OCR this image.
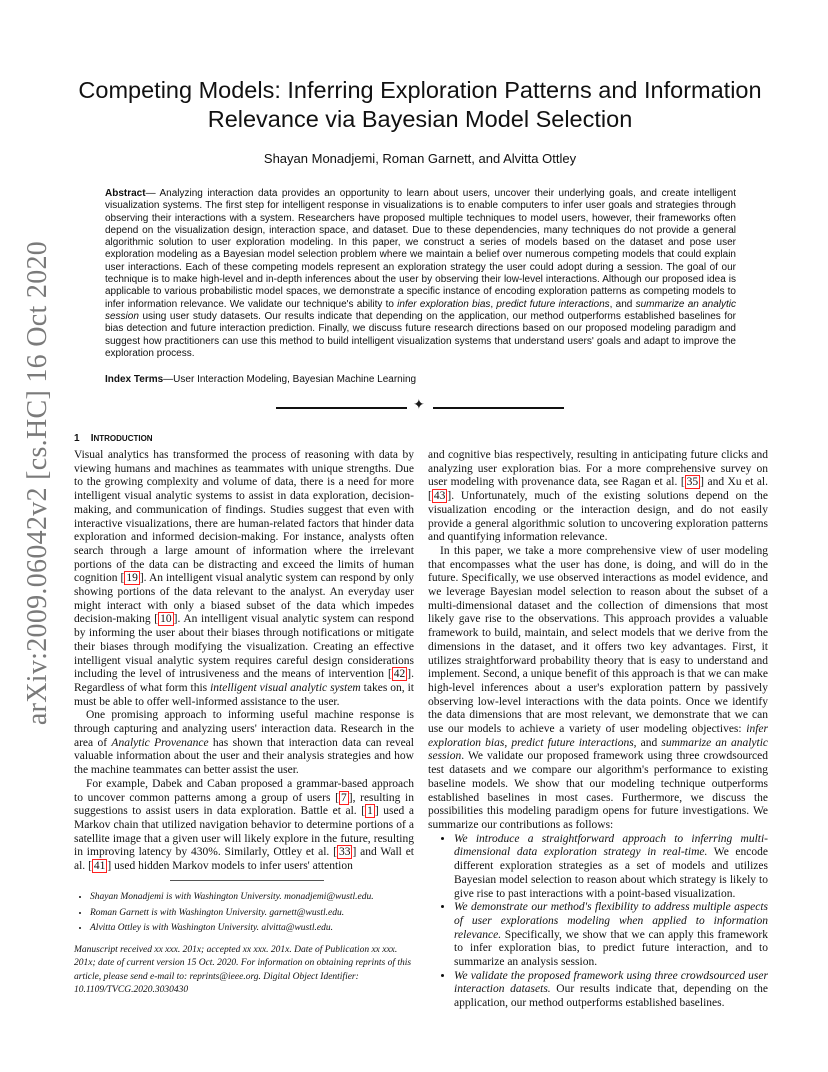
arXiv:2009.06042v2 [cs.HC] 16 Oct 2020
Competing Models: Inferring Exploration Patterns and Information
Relevance via Bayesian Model Selection
Shayan Monadjemi, Roman Garnett, and Alvitta Ottley
Abstract— Analyzing interaction data provides an opportunity to learn about users, uncover their underlying goals, and create intelligent visualization systems. The first step for intelligent response in visualizations is to enable computers to infer user goals and strategies through observing their interactions with a system. Researchers have proposed multiple techniques to model users, however, their frameworks often depend on the visualization design, interaction space, and dataset. Due to these dependencies, many techniques do not provide a general algorithmic solution to user exploration modeling. In this paper, we construct a series of models based on the dataset and pose user exploration modeling as a Bayesian model selection problem where we maintain a belief over numerous competing models that could explain user interactions. Each of these competing models represent an exploration strategy the user could adopt during a session. The goal of our technique is to make high-level and in-depth inferences about the user by observing their low-level interactions. Although our proposed idea is applicable to various probabilistic model spaces, we demonstrate a specific instance of encoding exploration patterns as competing models to infer information relevance. We validate our technique's ability to infer exploration bias, predict future interactions, and summarize an analytic session using user study datasets. Our results indicate that depending on the application, our method outperforms established baselines for bias detection and future interaction prediction. Finally, we discuss future research directions based on our proposed modeling paradigm and suggest how practitioners can use this method to build intelligent visualization systems that understand users' goals and adapt to improve the exploration process.
Index Terms—User Interaction Modeling, Bayesian Machine Learning
✦
1 INTRODUCTION

Visual analytics has transformed the process of reasoning with data by viewing humans and machines as teammates with unique strengths. Due to the growing complexity and volume of data, there is a need for more intelligent visual analytic systems to assist in data exploration, decision-making, and communication of findings. Studies suggest that even with interactive visualizations, there are human-related factors that hinder data exploration and informed decision-making. For instance, analysts often search through a large amount of information where the irrelevant portions of the data can be distracting and exceed the limits of human cognition [ 19 ]. An intelligent visual analytic system can respond by only showing portions of the data relevant to the analyst. An everyday user might interact with only a biased subset of the data which impedes decision-making [ 10 ]. An intelligent visual analytic system can respond by informing the user about their biases through notifications or mitigate their biases through modifying the visualization. Creating an effective intelligent visual analytic system requires careful design considerations including the level of intrusiveness and the means of intervention [ 42 ]. Regardless of what form this intelligent visual analytic system takes on, it must be able to offer well-informed assistance to the user.

One promising approach to informing useful machine response is through capturing and analyzing users' interaction data. Research in the area of Analytic Provenance has shown that interaction data can reveal valuable information about the user and their analysis strategies and how the machine teammates can better assist the user.

For example, Dabek and Caban proposed a grammar-based approach to uncover common patterns among a group of users [ 7 ], resulting in suggestions to assist users in data exploration. Battle et al. [ 1 ] used a Markov chain that utilized navigation behavior to determine portions of a satellite image that a given user will likely explore in the future, resulting in improving latency by 430%. Similarly, Ottley et al. [ 33 ] and Wall et al. [ 41 ] used hidden Markov models to infer users' attention

and cognitive bias respectively, resulting in anticipating future clicks and analyzing user exploration bias. For a more comprehensive survey on user modeling with provenance data, see Ragan et al. [ 35 ] and Xu et al. [ 43 ]. Unfortunately, much of the existing solutions depend on the visualization encoding or the interaction design, and do not easily provide a general algorithmic solution to uncovering exploration patterns and quantifying information relevance.

In this paper, we take a more comprehensive view of user modeling that encompasses what the user has done, is doing, and will do in the future. Specifically, we use observed interactions as model evidence, and we leverage Bayesian model selection to reason about the subset of a multi-dimensional dataset and the collection of dimensions that most likely gave rise to the observations. This approach provides a valuable framework to build, maintain, and select models that we derive from the dimensions in the dataset, and it offers two key advantages. First, it utilizes straightforward probability theory that is easy to understand and implement. Second, a unique benefit of this approach is that we can make high-level inferences about a user's exploration pattern by passively observing low-level interactions with the data points. Once we identify the data dimensions that are most relevant, we demonstrate that we can use our models to achieve a variety of user modeling objectives: infer exploration bias, predict future interactions, and summarize an analytic session. We validate our proposed framework using three crowdsourced test datasets and we compare our algorithm's performance to existing baseline models. We show that our modeling technique outperforms established baselines in most cases. Furthermore, we discuss the possibilities this modeling paradigm opens for future investigations. We summarize our contributions as follows:

• We introduce a straightforward approach to inferring multi-dimensional data exploration strategy in real-time. We encode different exploration strategies as a set of models and utilizes Bayesian model selection to reason about which strategy is likely to give rise to past interactions with a point-based visualization.
• We demonstrate our method's flexibility to address multiple aspects of user explorations modeling when applied to information relevance. Specifically, we show that we can apply this framework to infer exploration bias, to predict future interaction, and to summarize an analysis session.
• We validate the proposed framework using three crowdsourced user interaction datasets. Our results indicate that, depending on the application, our method outperforms established baselines.
• Shayan Monadjemi is with Washington University. monadjemi@wustl.edu.
• Roman Garnett is with Washington University. garnett@wustl.edu.
• Alvitta Ottley is with Washington University. alvitta@wustl.edu.
Manuscript received xx xxx. 201x; accepted xx xxx. 201x. Date of Publication xx xxx. 201x; date of current version 15 Oct. 2020. For information on obtaining reprints of this article, please send e-mail to: reprints@ieee.org. Digital Object Identifier: 10.1109/TVCG.2020.3030430
